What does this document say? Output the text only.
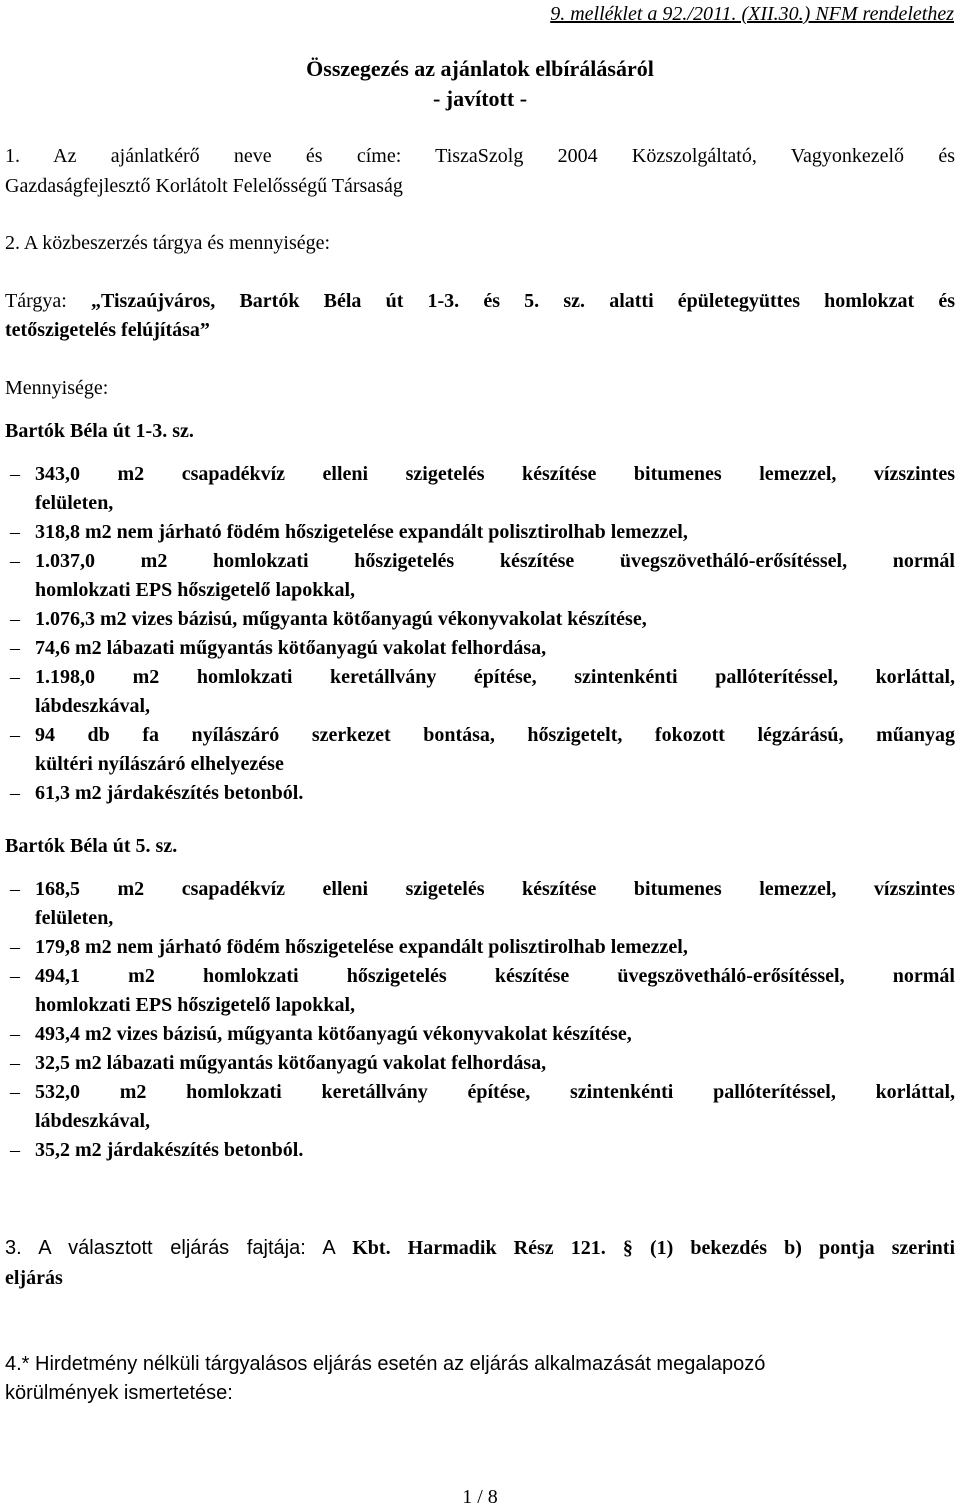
9. melléklet a 92./2011. (XII.30.) NFM rendelethez
Összegezés az ajánlatok elbírálásáról
- javított -
1. Az ajánlatkérő neve és címe: TiszaSzolg 2004 Közszolgáltató, Vagyonkezelő és
Gazdaságfejlesztő Korlátolt Felelősségű Társaság
2. A közbeszerzés tárgya és mennyisége:
Tárgya: „Tiszaújváros, Bartók Béla út 1-3. és 5. sz. alatti épületegyüttes homlokzat és
tetőszigetelés felújítása”
Mennyisége:
Bartók Béla út 1-3. sz.
– 343,0 m2 csapadékvíz elleni szigetelés készítése bitumenes lemezzel, vízszintes
felületen,
– 318,8 m2 nem járható födém hőszigetelése expandált polisztirolhab lemezzel,
– 1.037,0 m2 homlokzati hőszigetelés készítése üvegszövetháló-erősítéssel, normál
homlokzati EPS hőszigetelő lapokkal,
– 1.076,3 m2 vizes bázisú, műgyanta kötőanyagú vékonyvakolat készítése,
– 74,6 m2 lábazati műgyantás kötőanyagú vakolat felhordása,
– 1.198,0 m2 homlokzati keretállvány építése, szintenkénti pallóterítéssel, korláttal,
lábdeszkával,
– 94 db fa nyílászáró szerkezet bontása, hőszigetelt, fokozott légzárású, műanyag
kültéri nyílászáró elhelyezése
– 61,3 m2 járdakészítés betonból.
Bartók Béla út 5. sz.
– 168,5 m2 csapadékvíz elleni szigetelés készítése bitumenes lemezzel, vízszintes
felületen,
– 179,8 m2 nem járható födém hőszigetelése expandált polisztirolhab lemezzel,
– 494,1 m2 homlokzati hőszigetelés készítése üvegszövetháló-erősítéssel, normál
homlokzati EPS hőszigetelő lapokkal,
– 493,4 m2 vizes bázisú, műgyanta kötőanyagú vékonyvakolat készítése,
– 32,5 m2 lábazati műgyantás kötőanyagú vakolat felhordása,
– 532,0 m2 homlokzati keretállvány építése, szintenkénti pallóterítéssel, korláttal,
lábdeszkával,
– 35,2 m2 járdakészítés betonból.
3. A választott eljárás fajtája: A Kbt. Harmadik Rész 121. § (1) bekezdés b) pontja szerinti
eljárás
4.* Hirdetmény nélküli tárgyalásos eljárás esetén az eljárás alkalmazását megalapozó
körülmények ismertetése:
1 / 8
